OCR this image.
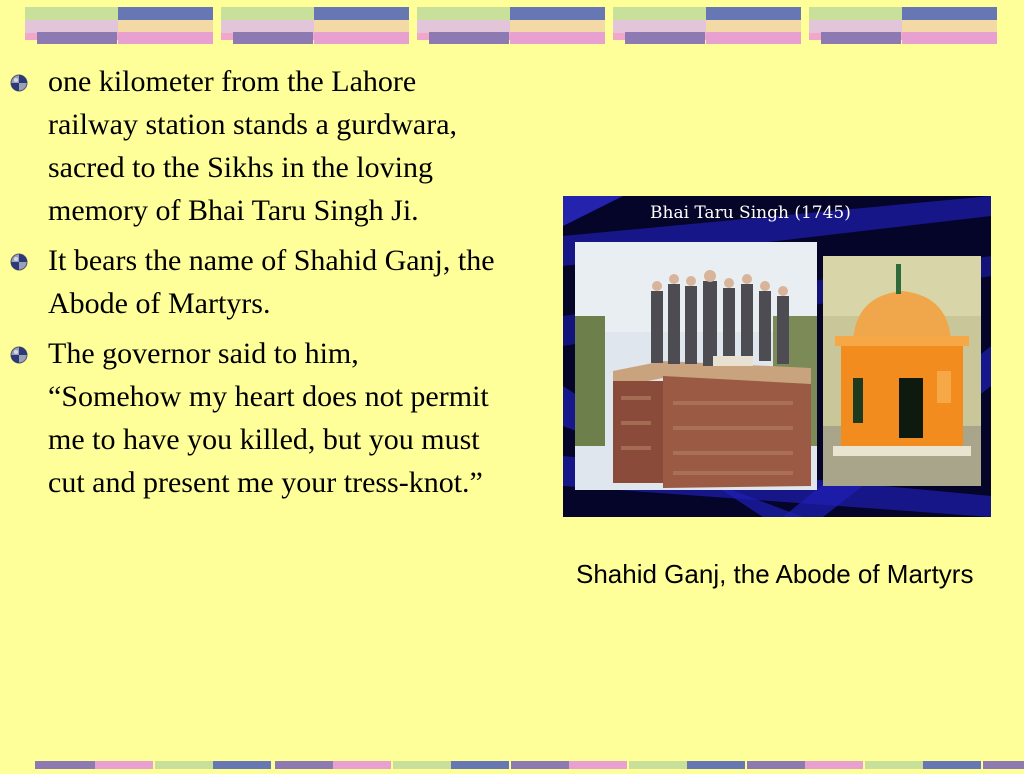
one kilometer from the Lahore railway station stands a gurdwara, sacred to the Sikhs in the loving memory of Bhai Taru Singh Ji.
It bears the name of Shahid Ganj, the Abode of Martyrs.
The governor said to him, “Somehow my heart does not permit me to have you killed, but you must cut and present me your tress-knot.”
Bhai Taru Singh (1745)
Shahid Ganj, the Abode of Martyrs
